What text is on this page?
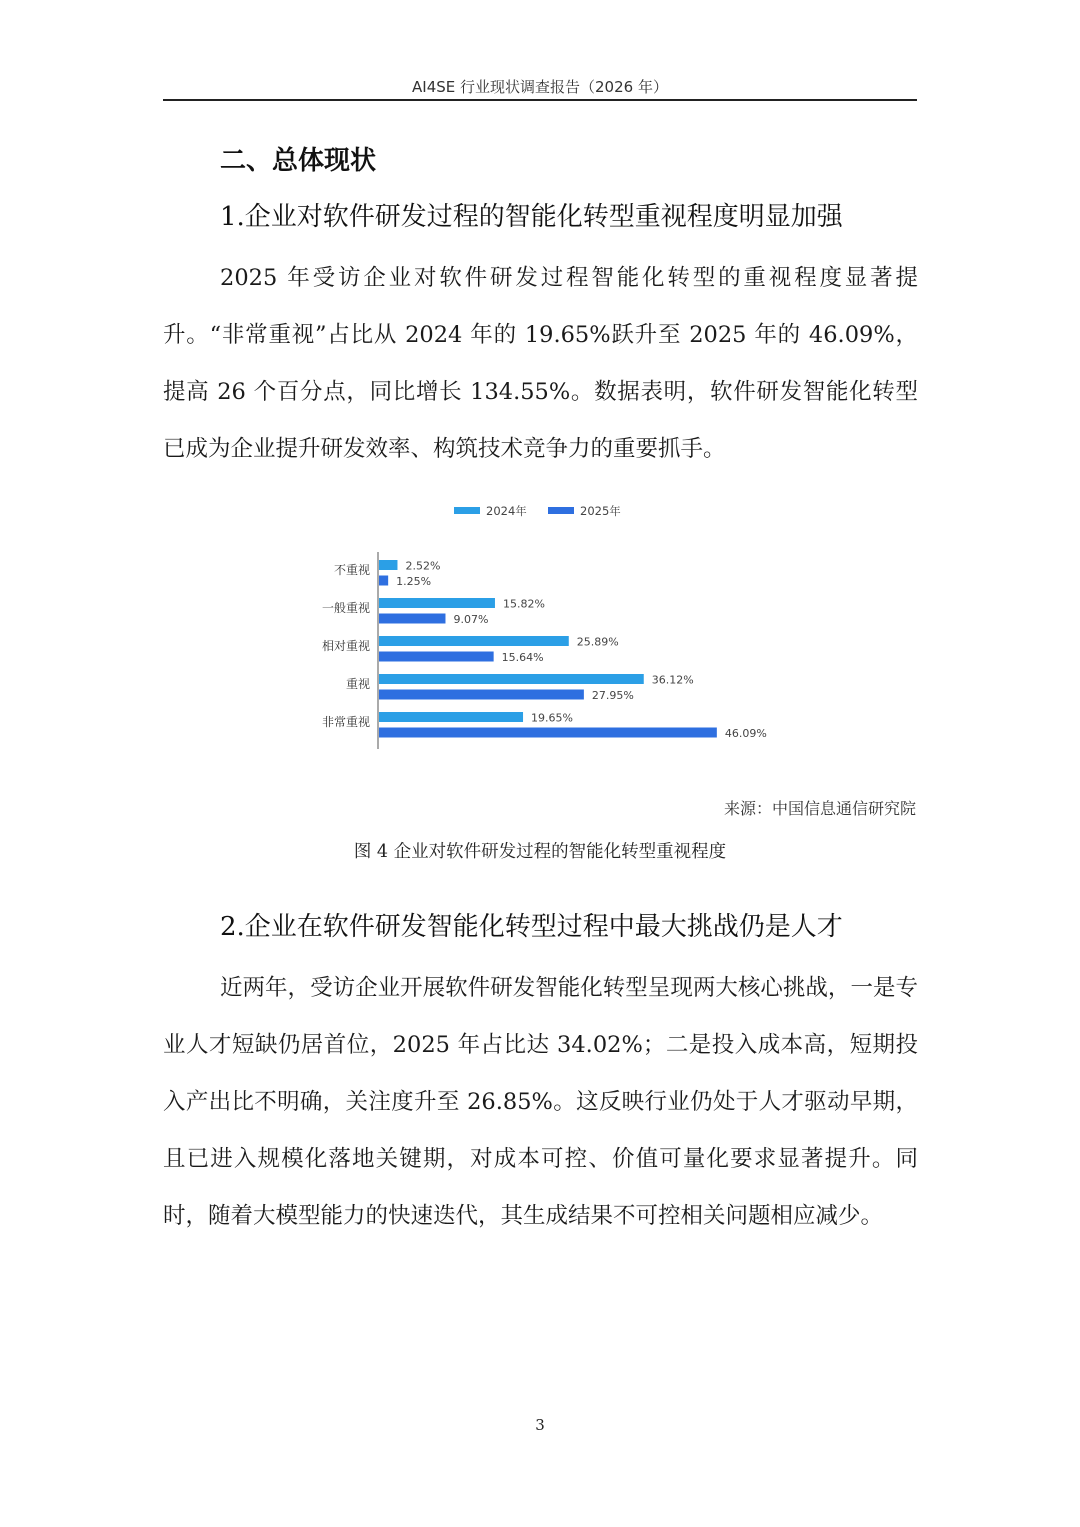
AI4SE 行业现状调查报告（2026 年）
二、总体现状
1.企业对软件研发过程的智能化转型重视程度明显加强
2025 年受访企业对软件研发过程智能化转型的重视程度显著提升。“非常重视”占比从 2024 年的 19.65%跃升至 2025 年的 46.09%，提高 26 个百分点，同比增长 134.55%。数据表明，软件研发智能化转型已成为企业提升研发效率、构筑技术竞争力的重要抓手。
2024年	2025年
不重视	2.52%
1.25%
一般重视	15.82%
9.07%
相对重视	25.89%
15.64%
重视	36.12%
27.95%
非常重视	19.65%
46.09%
来源：中国信息通信研究院
图 4 企业对软件研发过程的智能化转型重视程度
2.企业在软件研发智能化转型过程中最大挑战仍是人才
近两年，受访企业开展软件研发智能化转型呈现两大核心挑战，一是专业人才短缺仍居首位，2025 年占比达 34.02%；二是投入成本高，短期投入产出比不明确，关注度升至 26.85%。这反映行业仍处于人才驱动早期，且已进入规模化落地关键期，对成本可控、价值可量化要求显著提升。同时，随着大模型能力的快速迭代，其生成结果不可控相关问题相应减少。
3
